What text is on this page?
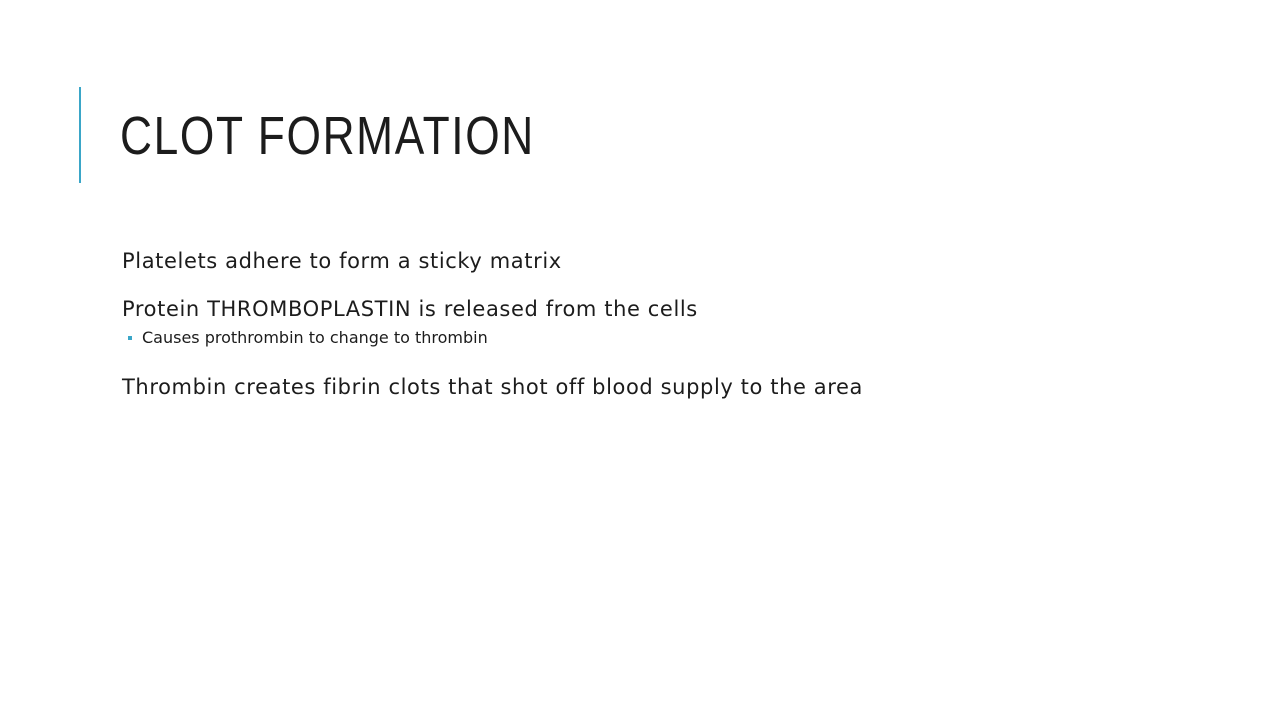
CLOT FORMATION
Platelets adhere to form a sticky matrix
Protein THROMBOPLASTIN is released from the cells
Causes prothrombin to change to thrombin
Thrombin creates fibrin clots that shot off blood supply to the area
